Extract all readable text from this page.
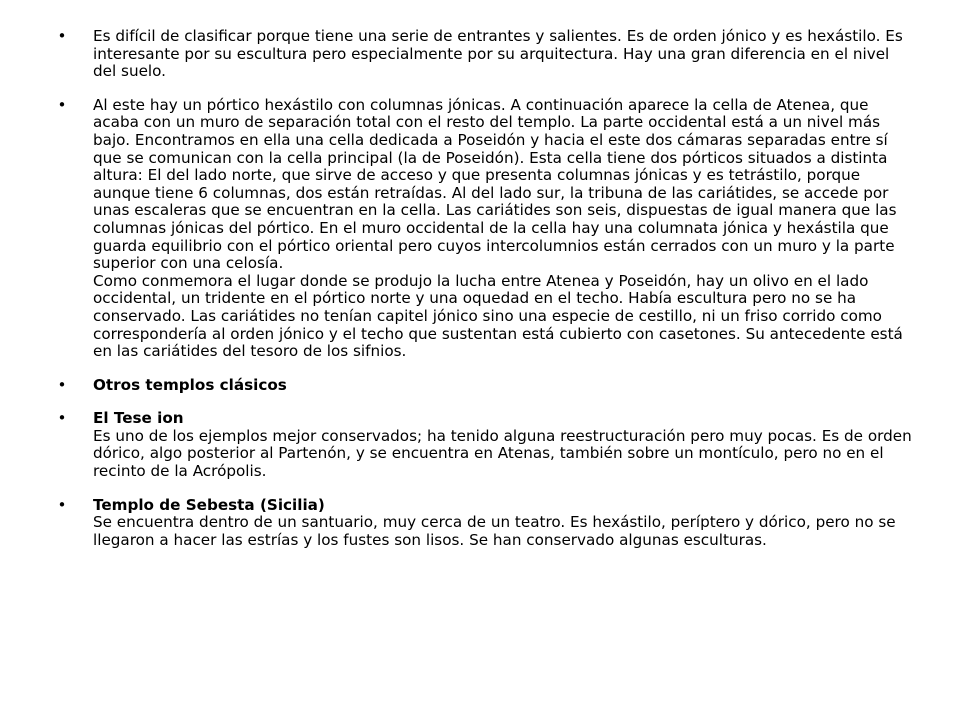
• Es difícil de clasificar porque tiene una serie de entrantes y salientes. Es de orden jónico y es hexástilo. Es interesante por su escultura pero especialmente por su arquitectura. Hay una gran diferencia en el nivel del suelo.
• Al este hay un pórtico hexástilo con columnas jónicas. A continuación aparece la cella de Atenea, que acaba con un muro de separación total con el resto del templo. La parte occidental está a un nivel más bajo. Encontramos en ella una cella dedicada a Poseidón y hacia el este dos cámaras separadas entre sí que se comunican con la cella principal (la de Poseidón). Esta cella tiene dos pórticos situados a distinta altura: El del lado norte, que sirve de acceso y que presenta columnas jónicas y es tetrástilo, porque aunque tiene 6 columnas, dos están retraídas. Al del lado sur, la tribuna de las cariátides, se accede por unas escaleras que se encuentran en la cella. Las cariátides son seis, dispuestas de igual manera que las columnas jónicas del pórtico. En el muro occidental de la cella hay una columnata jónica y hexástila que guarda equilibrio con el pórtico oriental pero cuyos intercolumnios están cerrados con un muro y la parte superior con una celosía.
Como conmemora el lugar donde se produjo la lucha entre Atenea y Poseidón, hay un olivo en el lado occidental, un tridente en el pórtico norte y una oquedad en el techo. Había escultura pero no se ha conservado. Las cariátides no tenían capitel jónico sino una especie de cestillo, ni un friso corrido como correspondería al orden jónico y el techo que sustentan está cubierto con casetones. Su antecedente está en las cariátides del tesoro de los sifnios.
• Otros templos clásicos
• El Tese ion
Es uno de los ejemplos mejor conservados; ha tenido alguna reestructuración pero muy pocas. Es de orden dórico, algo posterior al Partenón, y se encuentra en Atenas, también sobre un montículo, pero no en el recinto de la Acrópolis.
• Templo de Sebesta (Sicilia)
Se encuentra dentro de un santuario, muy cerca de un teatro. Es hexástilo, períptero y dórico, pero no se llegaron a hacer las estrías y los fustes son lisos. Se han conservado algunas esculturas.
